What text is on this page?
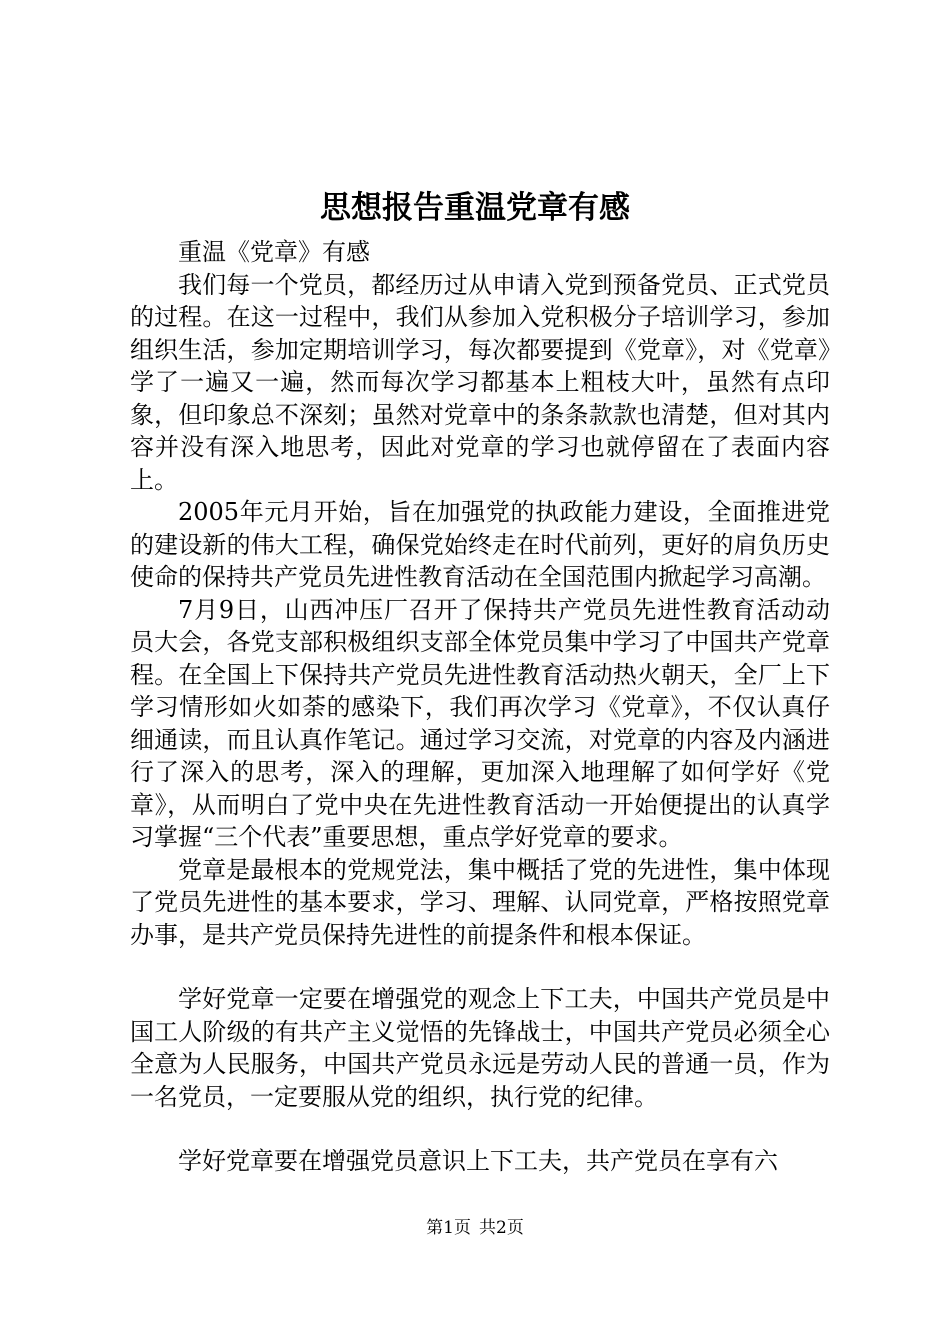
思想报告重温党章有感

重温《党章》有感

我们每一个党员，都经历过从申请入党到预备党员、正式党员的过程。在这一过程中，我们从参加入党积极分子培训学习，参加组织生活，参加定期培训学习，每次都要提到《党章》，对《党章》学了一遍又一遍，然而每次学习都基本上粗枝大叶，虽然有点印象，但印象总不深刻；虽然对党章中的条条款款也清楚，但对其内容并没有深入地思考，因此对党章的学习也就停留在了表面内容上。

2005年元月开始，旨在加强党的执政能力建设，全面推进党的建设新的伟大工程，确保党始终走在时代前列，更好的肩负历史使命的保持共产党员先进性教育活动在全国范围内掀起学习高潮。

7月9日，山西冲压厂召开了保持共产党员先进性教育活动动员大会，各党支部积极组织支部全体党员集中学习了中国共产党章程。在全国上下保持共产党员先进性教育活动热火朝天，全厂上下学习情形如火如荼的感染下，我们再次学习《党章》，不仅认真仔细通读，而且认真作笔记。通过学习交流，对党章的内容及内涵进行了深入的思考，深入的理解，更加深入地理解了如何学好《党章》，从而明白了党中央在先进性教育活动一开始便提出的认真学习掌握“三个代表”重要思想，重点学好党章的要求。

党章是最根本的党规党法，集中概括了党的先进性，集中体现了党员先进性的基本要求，学习、理解、认同党章，严格按照党章办事，是共产党员保持先进性的前提条件和根本保证。

学好党章一定要在增强党的观念上下工夫，中国共产党员是中国工人阶级的有共产主义觉悟的先锋战士，中国共产党员必须全心全意为人民服务，中国共产党员永远是劳动人民的普通一员，作为一名党员，一定要服从党的组织，执行党的纪律。

学好党章要在增强党员意识上下工夫，共产党员在享有六

第1页 共2页
